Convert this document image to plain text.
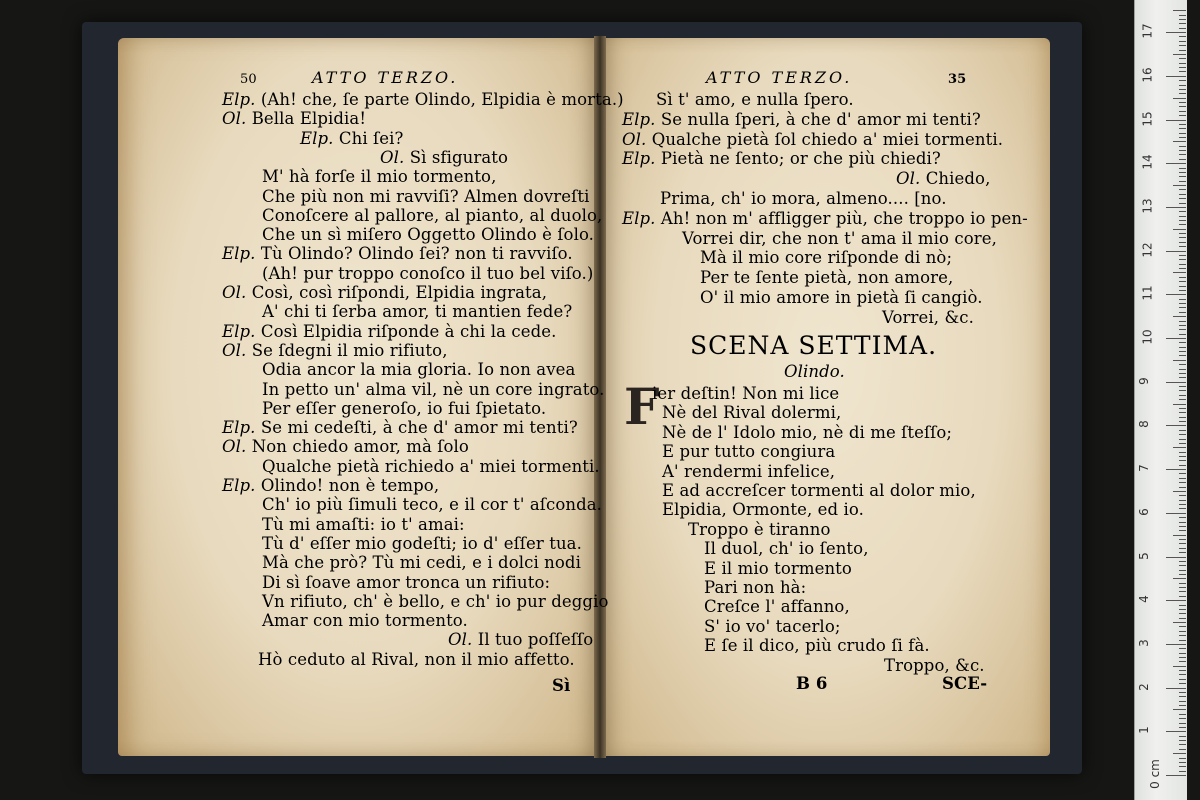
50	ATTO TERZO.
Elp. (Ah! che, ſe parte Olindo, Elpidia è morta.)
Ol. Bella Elpidia!
Elp. Chi ſei?
Ol. Sì sfigurato
M' hà forſe il mio tormento,
Che più non mi ravviſi? Almen dovreſti
Conoſcere al pallore, al pianto, al duolo,
Che un sì miſero Oggetto Olindo è ſolo.
Elp. Tù Olindo? Olindo ſei? non ti ravviſo.
(Ah! pur troppo conoſco il tuo bel viſo.)
Ol. Così, così riſpondi, Elpidia ingrata,
A' chi ti ſerba amor, ti mantien fede?
Elp. Così Elpidia riſponde à chi la cede.
Ol. Se ſdegni il mio rifiuto,
Odia ancor la mia gloria. Io non avea
In petto un' alma vil, nè un core ingrato.
Per eſſer generoſo, io fui ſpietato.
Elp. Se mi cedeſti, à che d' amor mi tenti?
Ol. Non chiedo amor, mà ſolo
Qualche pietà richiedo a' miei tormenti.
Elp. Olindo! non è tempo,
Ch' io più ſimuli teco, e il cor t' aſconda.
Tù mi amaſti: io t' amai:
Tù d' eſſer mio godeſti; io d' eſſer tua.
Mà che prò? Tù mi cedi, e i dolci nodi
Di sì ſoave amor tronca un rifiuto:
Vn rifiuto, ch' è bello, e ch' io pur deggio
Amar con mio tormento.
Ol. Il tuo poſſeſſo
Hò ceduto al Rival, non il mio affetto.
Sì
ATTO TERZO.	35
Sì t' amo, e nulla ſpero.
Elp. Se nulla ſperi, à che d' amor mi tenti?
Ol. Qualche pietà ſol chiedo a' miei tormenti.
Elp. Pietà ne ſento; or che più chiedi?
Ol. Chiedo,
Prima, ch' io mora, almeno.... [no.
Elp. Ah! non m' affligger più, che troppo io pen-
Vorrei dir, che non t' ama il mio core,
Mà il mio core riſponde di nò;
Per te ſente pietà, non amore,
O' il mio amore in pietà ſi cangiò.
Vorrei, &c.
SCENA SETTIMA.
Olindo.
F
ier deſtin! Non mi lice
Nè del Rival dolermi,
Nè de l' Idolo mio, nè di me ſteſſo;
E pur tutto congiura
A' rendermi infelice,
E ad accreſcer tormenti al dolor mio,
Elpidia, Ormonte, ed io.
Troppo è tiranno
Il duol, ch' io ſento,
E il mio tormento
Pari non hà:
Creſce l' affanno,
S' io vo' tacerlo;
E ſe il dico, più crudo ſi fà.
Troppo, &c.
B 6	SCE-
0 cm
1
2
3
4
5
6
7
8
9
10
11
12
13
14
15
16
17
